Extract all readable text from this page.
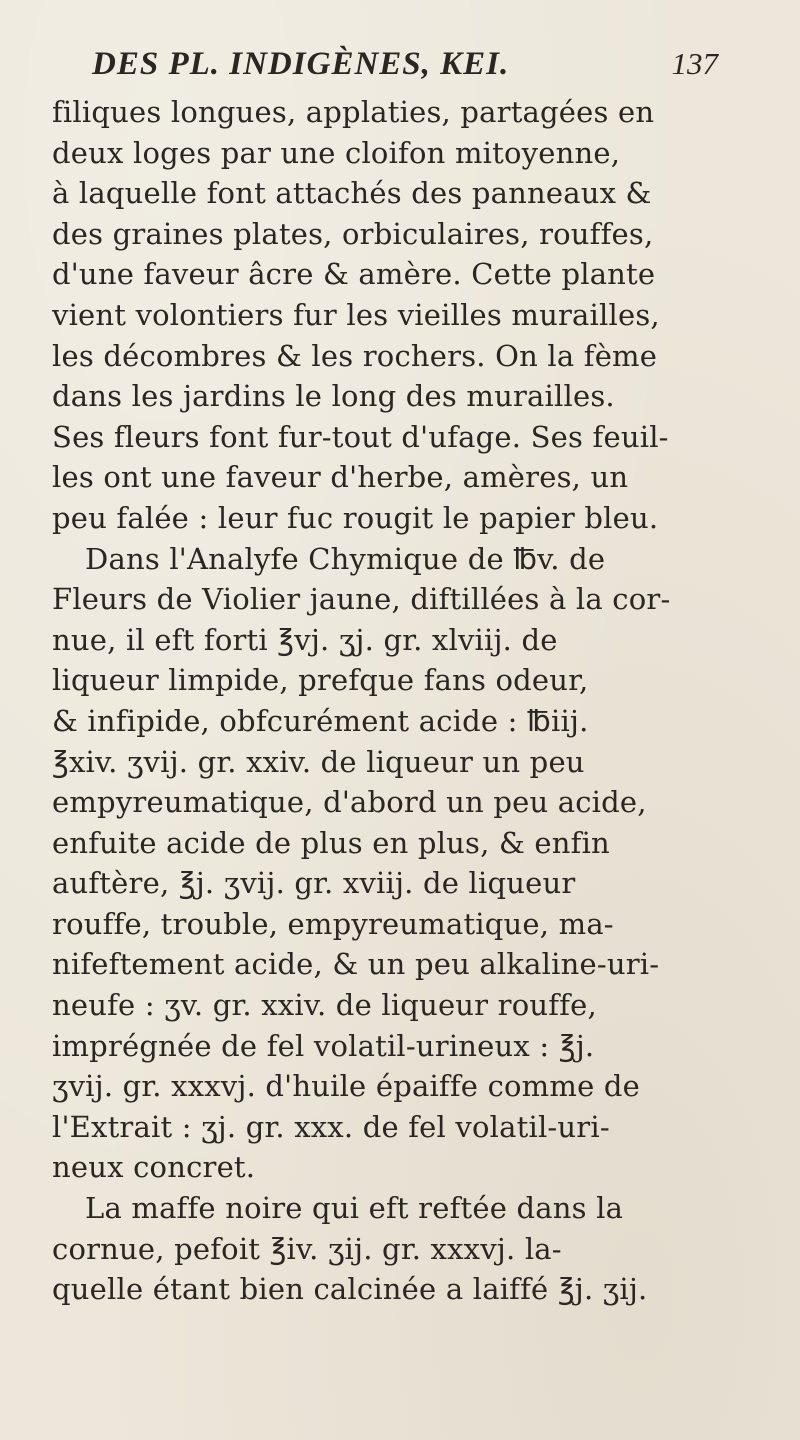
DES PL. INDIGÈNES, KEI.	137
filiques longues, applaties, partagées en
deux loges par une cloifon mitoyenne,
à laquelle font attachés des panneaux &
des graines plates, orbiculaires, rouffes,
d'une faveur âcre & amère. Cette plante
vient volontiers fur les vieilles murailles,
les décombres & les rochers. On la fème
dans les jardins le long des murailles.
Ses fleurs font fur-tout d'ufage. Ses feuil-
les ont une faveur d'herbe, amères, un
peu falée : leur fuc rougit le papier bleu.
Dans l'Analyfe Chymique de ℔v. de
Fleurs de Violier jaune, diftillées à la cor-
nue, il eft forti ℥vj. ʒj. gr. xlviij. de
liqueur limpide, prefque fans odeur,
& infipide, obfcurément acide : ℔iij.
℥xiv. ʒvij. gr. xxiv. de liqueur un peu
empyreumatique, d'abord un peu acide,
enfuite acide de plus en plus, & enfin
auftère, ℥j. ʒvij. gr. xviij. de liqueur
rouffe, trouble, empyreumatique, ma-
nifeftement acide, & un peu alkaline-uri-
neufe : ʒv. gr. xxiv. de liqueur rouffe,
imprégnée de fel volatil-urineux : ℥j.
ʒvij. gr. xxxvj. d'huile épaiffe comme de
l'Extrait : ʒj. gr. xxx. de fel volatil-uri-
neux concret.
La maffe noire qui eft reftée dans la
cornue, pefoit ℥iv. ʒij. gr. xxxvj. la-
quelle étant bien calcinée a laiffé ℥j. ʒij.
